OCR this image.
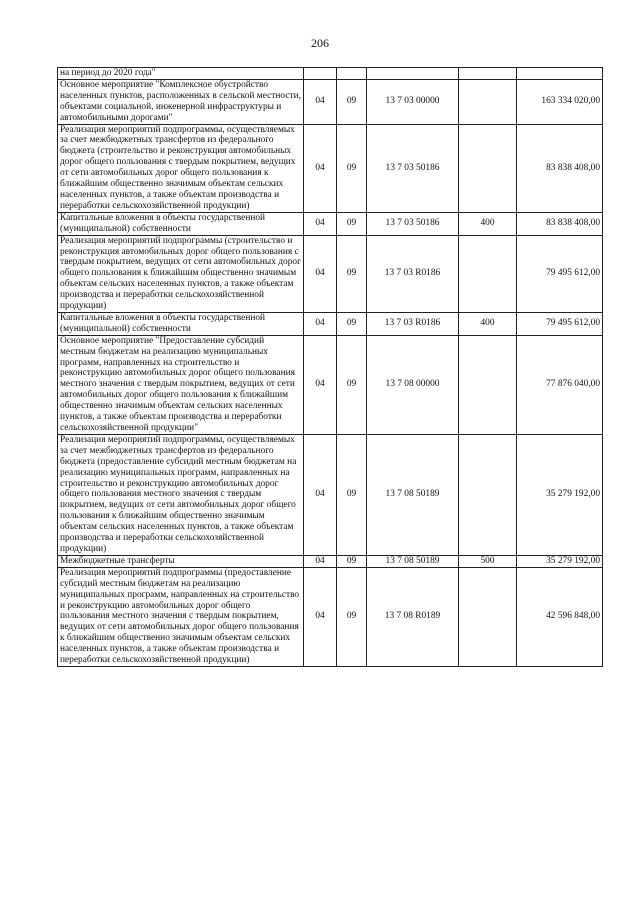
206
на период до 2020 года"					
Основное мероприятие "Комплексное обустройство населенных пунктов, расположенных в сельской местности, объектами социальной, инженерной инфраструктуры и автомобильными дорогами"	04	09	13 7 03 00000		163 334 020,00
Реализация мероприятий подпрограммы, осуществляемых за счет межбюджетных трансфертов из федерального бюджета (строительство и реконструкция автомобильных дорог общего пользования с твердым покрытием, ведущих от сети автомобильных дорог общего пользования к ближайшим общественно значимым объектам сельских населенных пунктов, а также объектам производства и переработки сельскохозяйственной продукции)	04	09	13 7 03 50186		83 838 408,00
Капитальные вложения в объекты государственной (муниципальной) собственности	04	09	13 7 03 50186	400	83 838 408,00
Реализация мероприятий подпрограммы (строительство и реконструкция автомобильных дорог общего пользования с твердым покрытием, ведущих от сети автомобильных дорог общего пользования к ближайшим общественно значимым объектам сельских населенных пунктов, а также объектам производства и переработки сельскохозяйственной продукции)	04	09	13 7 03 R0186		79 495 612,00
Капитальные вложения в объекты государственной (муниципальной) собственности	04	09	13 7 03 R0186	400	79 495 612,00
Основное мероприятие "Предоставление субсидий местным бюджетам на реализацию муниципальных программ, направленных на строительство и реконструкцию автомобильных дорог общего пользования местного значения с твердым покрытием, ведущих от сети автомобильных дорог общего пользования к ближайшим общественно значимым объектам сельских населенных пунктов, а также объектам производства и переработки сельскохозяйственной продукции"	04	09	13 7 08 00000		77 876 040,00
Реализация мероприятий подпрограммы, осуществляемых за счет межбюджетных трансфертов из федерального бюджета (предоставление субсидий местным бюджетам на реализацию муниципальных программ, направленных на строительство и реконструкцию автомобильных дорог общего пользования местного значения с твердым покрытием, ведущих от сети автомобильных дорог общего пользования к ближайшим общественно значимым объектам сельских населенных пунктов, а также объектам производства и переработки сельскохозяйственной продукции)	04	09	13 7 08 50189		35 279 192,00
Межбюджетные трансферты	04	09	13 7 08 50189	500	35 279 192,00
Реализация мероприятий подпрограммы (предоставление субсидий местным бюджетам на реализацию муниципальных программ, направленных на строительство и реконструкцию автомобильных дорог общего пользования местного значения с твердым покрытием, ведущих от сети автомобильных дорог общего пользования к ближайшим общественно значимым объектам сельских населенных пунктов, а также объектам производства и переработки сельскохозяйственной продукции)	04	09	13 7 08 R0189		42 596 848,00
